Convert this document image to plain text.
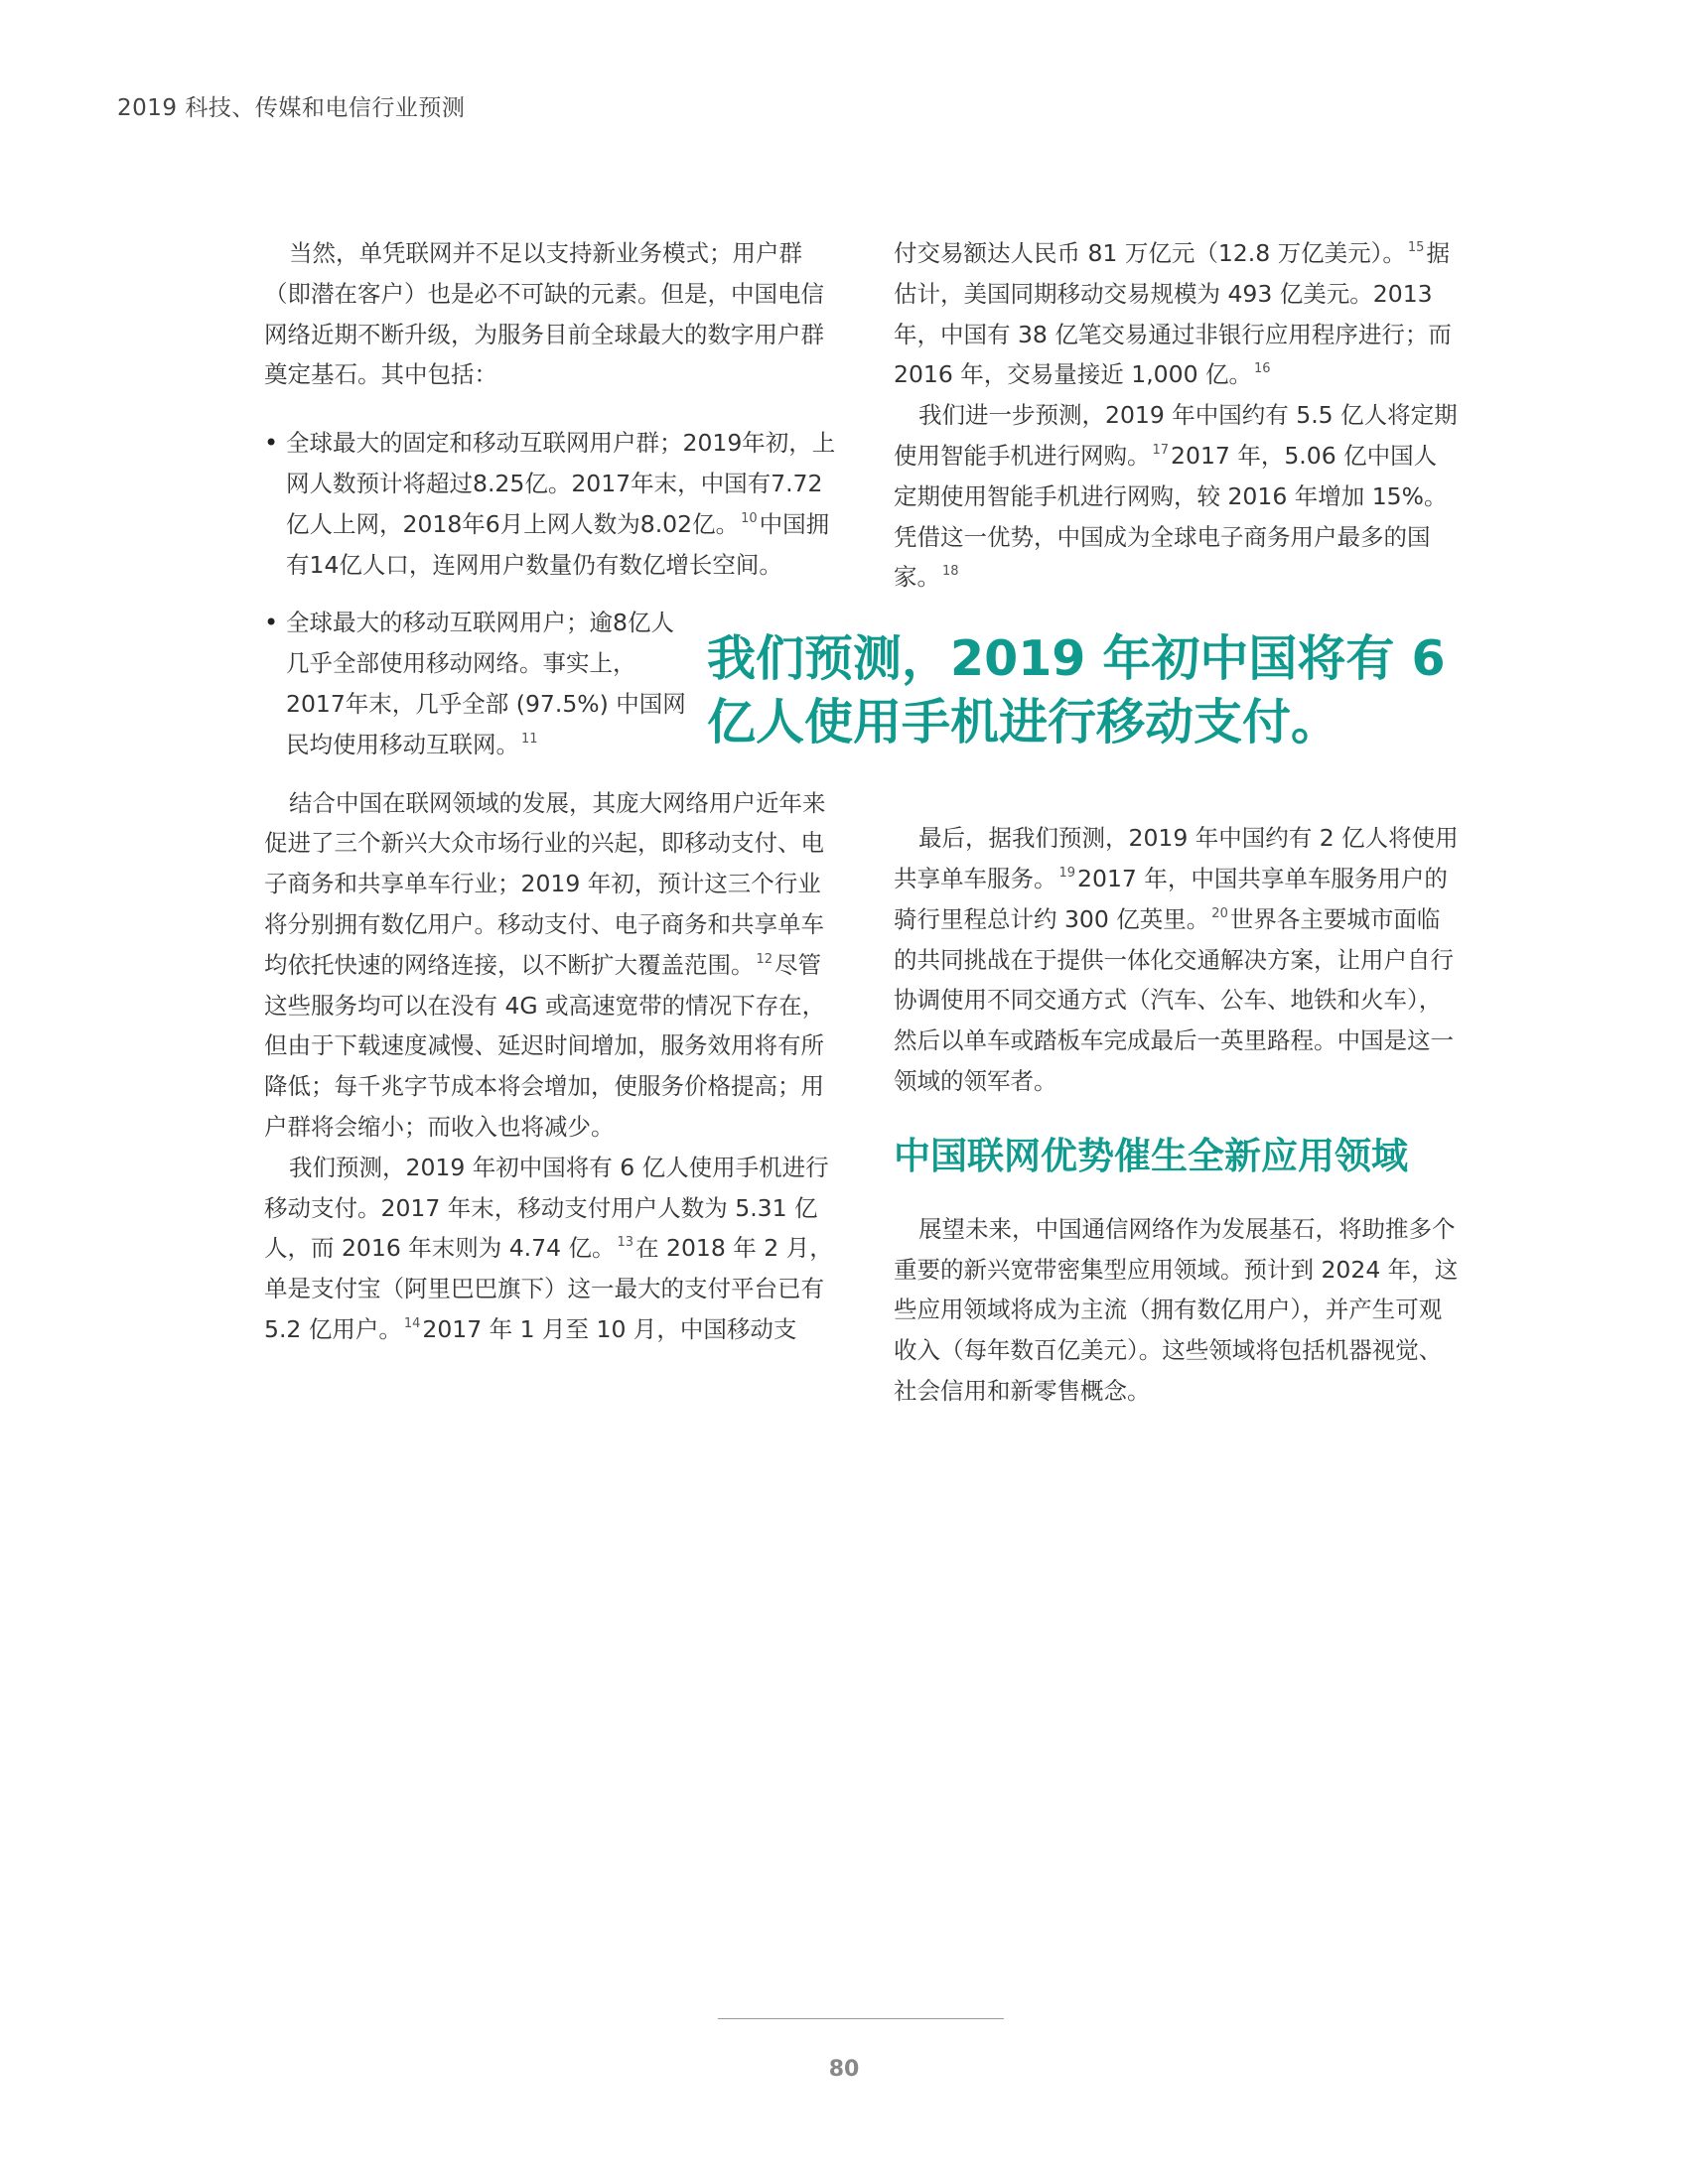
2019 科技、传媒和电信行业预测

当然，单凭联网并不足以支持新业务模式；用户群（即潜在客户）也是必不可缺的元素。但是，中国电信网络近期不断升级，为服务目前全球最大的数字用户群奠定基石。其中包括：

• 全球最大的固定和移动互联网用户群；2019年初，上网人数预计将超过8.25亿。2017年末，中国有7.72亿人上网，2018年6月上网人数为8.02亿。 $^{10}$中国拥有14亿人口，连网用户数量仍有数亿增长空间。
• 全球最大的移动互联网用户；逾8亿人几乎全部使用移动网络。事实上，2017年末，几乎全部 (97.5%) 中国网民均使用移动互联网。 $^{11}$

结合中国在联网领域的发展，其庞大网络用户近年来促进了三个新兴大众市场行业的兴起，即移动支付、电子商务和共享单车行业；2019 年初，预计这三个行业将分别拥有数亿用户。移动支付、电子商务和共享单车均依托快速的网络连接，以不断扩大覆盖范围。 $^{12}$尽管这些服务均可以在没有 4G 或高速宽带的情况下存在，但由于下载速度减慢、延迟时间增加，服务效用将有所降低；每千兆字节成本将会增加，使服务价格提高；用户群将会缩小；而收入也将减少。

我们预测，2019 年初中国将有 6 亿人使用手机进行移动支付。2017 年末，移动支付用户人数为 5.31 亿人，而 2016 年末则为 4.74 亿。 $^{13}$在 2018 年 2 月，单是支付宝（阿里巴巴旗下）这一最大的支付平台已有 5.2 亿用户。 $^{14}$2017 年 1 月至 10 月，中国移动支

付交易额达人民币 81 万亿元（12.8 万亿美元）。 $^{15}$据估计，美国同期移动交易规模为 493 亿美元。2013 年，中国有 38 亿笔交易通过非银行应用程序进行；而 2016 年，交易量接近 1,000 亿。 $^{16}$

我们进一步预测，2019 年中国约有 5.5 亿人将定期使用智能手机进行网购。 $^{17}$2017 年，5.06 亿中国人定期使用智能手机进行网购，较 2016 年增加 15%。凭借这一优势，中国成为全球电子商务用户最多的国家。 $^{18}$

最后，据我们预测，2019 年中国约有 2 亿人将使用共享单车服务。 $^{19}$2017 年，中国共享单车服务用户的骑行里程总计约 300 亿英里。 $^{20}$世界各主要城市面临的共同挑战在于提供一体化交通解决方案，让用户自行协调使用不同交通方式（汽车、公车、地铁和火车），然后以单车或踏板车完成最后一英里路程。中国是这一领域的领军者。

中国联网优势催生全新应用领域

展望未来，中国通信网络作为发展基石，将助推多个重要的新兴宽带密集型应用领域。预计到 2024 年，这些应用领域将成为主流（拥有数亿用户），并产生可观收入（每年数百亿美元）。这些领域将包括机器视觉、社会信用和新零售概念。

我们预测，2019 年初中国将有 6
亿人使用手机进行移动支付。
80
